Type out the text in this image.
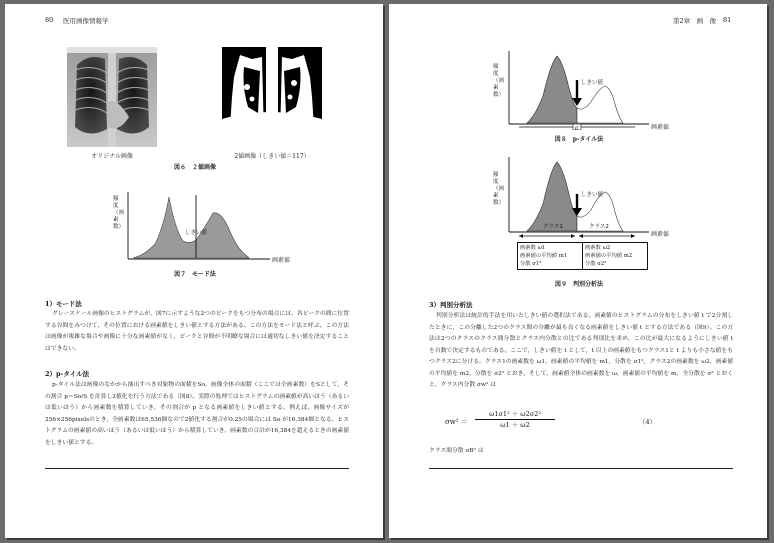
80 医用画像情報学
オリジナル画像	2値画像（しきい値＝117）
図６　２値画像
しきい値
頻度（画素数）
画素値
図７　モード法
1）モード法
グレースケール画像のヒストグラムが，図7に示すような2つのピークをもつ分布の場合には，各ピークの間に位置する谷間をみつけて，その位置における画素値をしきい値とする方法がある。この方法をモード法と呼ぶ。この方法は画像が複雑な場合や画像に十分な画素値がなく，ピークと谷間が不明瞭な場合には適切なしきい値を決定することはできない。
2）p-タイル法
p-タイル法は画像のなかから抽出すべき対象物の面積をSo，画像全体の面積（ここでは全画素数）をSとして，その割合 p＝So/S を計算し2値化を行う方法である（図8）。実際の処理ではヒストグラムの画素値が高いほう（あるいは低いほう）から画素数を積算していき，その割合が p となる画素値をしきい値とする。例えば，画像サイズが256×256pixelsのとき，全画素数は65,536個なので2値化する割合が0.25の場合には So が16,384個となる。ヒストグラムの画素値の高いほう（あるいは低いほう）から積算していき，画素数の合計が16,384を超えるときの画素値をしきい値とする。
第2章　画　像 81
しきい値
p
頻度（画素数）
画素値
図８　p-タイル法
しきい値
クラス1	クラス2
頻度（画素数）
画素値
画素数 ω1
画素値の平均値 m1
分散 σ1²
画素数 ω2
画素値の平均値 m2
分散 σ2²
図９　判別分析法
3）判別分析法
判別分析法は統計的手法を用いたしきい値の選択法である。画素値のヒストグラムの分布をしきい値 t で2分割したときに，この分離した2つのクラス間の分離が最も良くなる画素値をしきい値 t とする方法である（図9）。この方法は2つのクラスのクラス間分散とクラス内分散との比である判別比を求め，この比が最大になるようにしきい値 t を自動で決定するものである。ここで，しきい値を t として，t 以上の画素値をもつクラス1と t よりも小さな値をもつクラス2に分ける。クラス1の画素数を ω1，画素値の平均値を m1，分散を σ1²，クラス2の画素数を ω2，画素値の平均値を m2，分散を σ2² とおき，そして，画素値全体の画素数を ω，画素値の平均値を m，全分散を σ² とおくと，クラス内分散 σw² は
$\sigma w^2 = \frac{\text{ω1σ1² ＋ ω2σ2²}}{\omega 1 + \omega 2}$	（4）
クラス間分散 σB² は
